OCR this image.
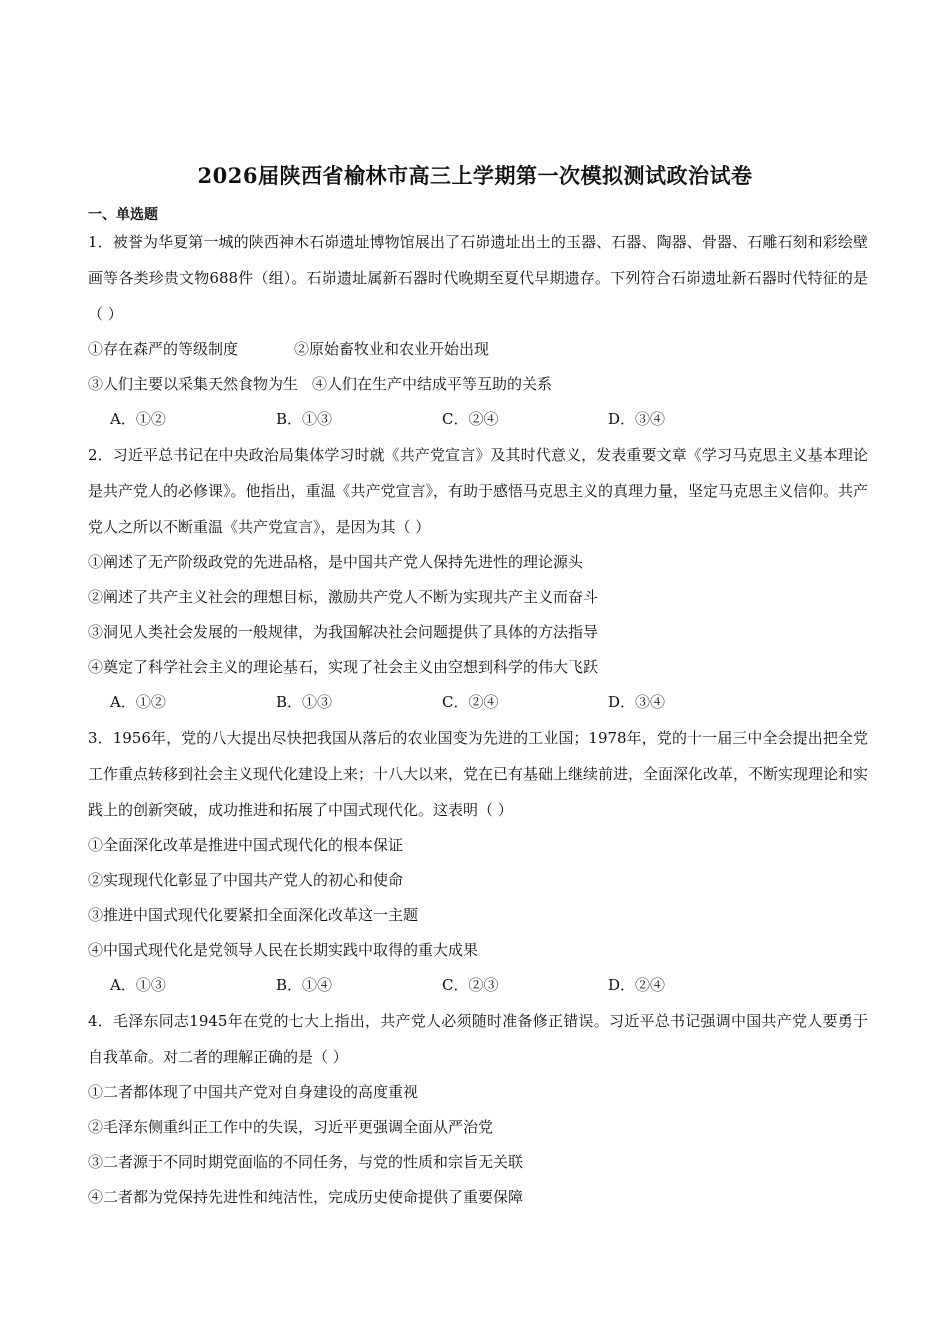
2026届陕西省榆林市高三上学期第一次模拟测试政治试卷
一、单选题

1．被誉为华夏第一城的陕西神木石峁遗址博物馆展出了石峁遗址出土的玉器、石器、陶器、骨器、石雕石刻和彩绘壁画等各类珍贵文物688件（组）。石峁遗址属新石器时代晚期至夏代早期遗存。下列符合石峁遗址新石器时代特征的是（ ）

①存在森严的等级制度	②原始畜牧业和农业开始出现
③人们主要以采集天然食物为生 ④人们在生产中结成平等互助的关系
A．①②	B．①③	C．②④	D．③④

2．习近平总书记在中央政治局集体学习时就《共产党宣言》及其时代意义，发表重要文章《学习马克思主义基本理论是共产党人的必修课》。他指出，重温《共产党宣言》，有助于感悟马克思主义的真理力量，坚定马克思主义信仰。共产党人之所以不断重温《共产党宣言》，是因为其（ ）

①阐述了无产阶级政党的先进品格，是中国共产党人保持先进性的理论源头

②阐述了共产主义社会的理想目标，激励共产党人不断为实现共产主义而奋斗

③洞见人类社会发展的一般规律，为我国解决社会问题提供了具体的方法指导

④奠定了科学社会主义的理论基石，实现了社会主义由空想到科学的伟大飞跃

A．①②	B．①③	C．②④	D．③④

3．1956年，党的八大提出尽快把我国从落后的农业国变为先进的工业国；1978年，党的十一届三中全会提出把全党工作重点转移到社会主义现代化建设上来；十八大以来，党在已有基础上继续前进，全面深化改革，不断实现理论和实践上的创新突破，成功推进和拓展了中国式现代化。这表明（ ）

①全面深化改革是推进中国式现代化的根本保证

②实现现代化彰显了中国共产党人的初心和使命

③推进中国式现代化要紧扣全面深化改革这一主题

④中国式现代化是党领导人民在长期实践中取得的重大成果

A．①③	B．①④	C．②③	D．②④

4．毛泽东同志1945年在党的七大上指出，共产党人必须随时准备修正错误。习近平总书记强调中国共产党人要勇于自我革命。对二者的理解正确的是（ ）

①二者都体现了中国共产党对自身建设的高度重视

②毛泽东侧重纠正工作中的失误，习近平更强调全面从严治党

③二者源于不同时期党面临的不同任务，与党的性质和宗旨无关联

④二者都为党保持先进性和纯洁性，完成历史使命提供了重要保障
